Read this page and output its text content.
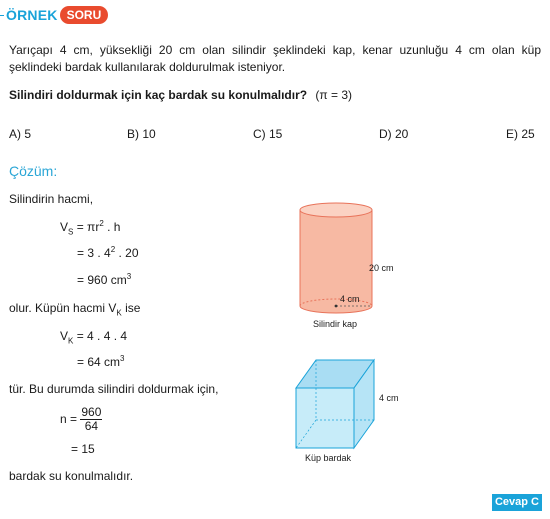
ÖRNEK SORU
Yarıçapı 4 cm, yüksekliği 20 cm olan silindir şeklindeki kap, kenar uzunluğu 4 cm olan küp şeklindeki bardak kullanılarak doldurulmak isteniyor.
Silindiri doldurmak için kaç bardak su konulmalıdır? (π = 3)
A) 5	B) 10	C) 15	D) 20	E) 25
Çözüm:
Silindirin hacmi,
$V_S = \pi r^2$ . h
= 3 . $4^2$ . 20
= 960 $cm^3$
olur. Küpün hacmi $V_K$ ise
$V_K = 4$ . 4 . 4
= 64 $cm^3$
tür. Bu durumda silindiri doldurmak için,
$n = \frac{960}{64}$
= 15
bardak su konulmalıdır.
20 cm
4 cm
Silindir kap
4 cm
Küp bardak
Cevap C
